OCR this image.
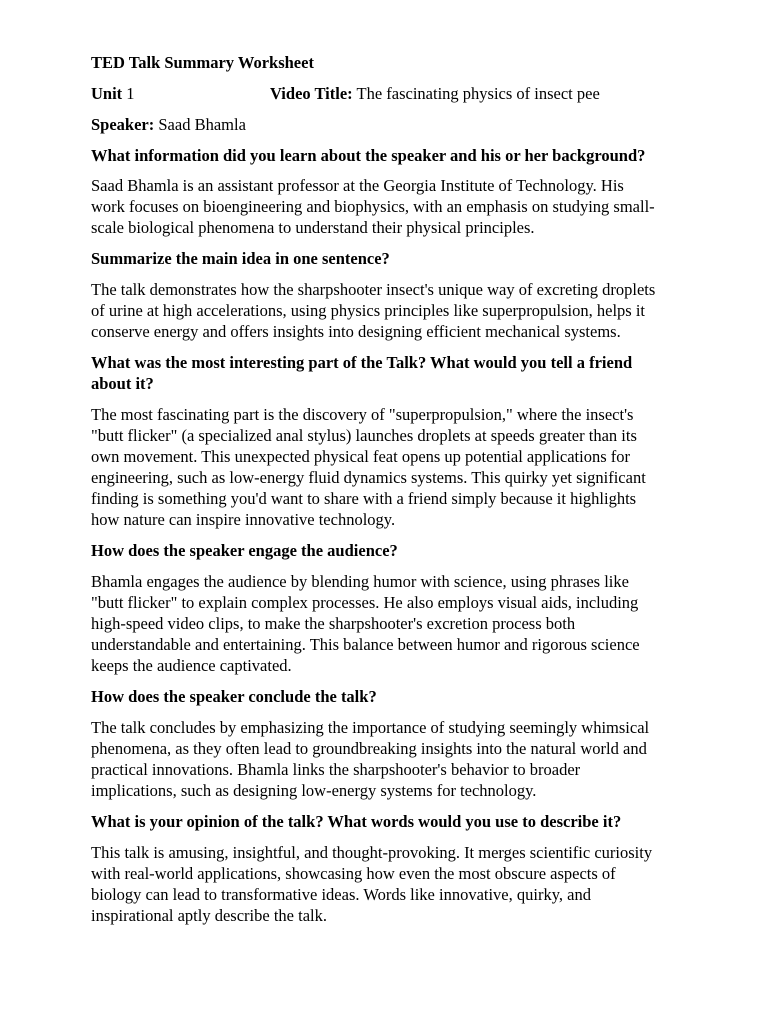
TED Talk Summary Worksheet
Unit 1	Video Title: The fascinating physics of insect pee
Speaker: Saad Bhamla
What information did you learn about the speaker and his or her background?
Saad Bhamla is an assistant professor at the Georgia Institute of Technology. His
work focuses on bioengineering and biophysics, with an emphasis on studying small-
scale biological phenomena to understand their physical principles.
Summarize the main idea in one sentence?
The talk demonstrates how the sharpshooter insect's unique way of excreting droplets
of urine at high accelerations, using physics principles like superpropulsion, helps it
conserve energy and offers insights into designing efficient mechanical systems.
What was the most interesting part of the Talk? What would you tell a friend
about it?
The most fascinating part is the discovery of "superpropulsion," where the insect's
"butt flicker" (a specialized anal stylus) launches droplets at speeds greater than its
own movement. This unexpected physical feat opens up potential applications for
engineering, such as low-energy fluid dynamics systems. This quirky yet significant
finding is something you'd want to share with a friend simply because it highlights
how nature can inspire innovative technology.
How does the speaker engage the audience?
Bhamla engages the audience by blending humor with science, using phrases like
"butt flicker" to explain complex processes. He also employs visual aids, including
high-speed video clips, to make the sharpshooter's excretion process both
understandable and entertaining. This balance between humor and rigorous science
keeps the audience captivated.
How does the speaker conclude the talk?
The talk concludes by emphasizing the importance of studying seemingly whimsical
phenomena, as they often lead to groundbreaking insights into the natural world and
practical innovations. Bhamla links the sharpshooter's behavior to broader
implications, such as designing low-energy systems for technology.
What is your opinion of the talk? What words would you use to describe it?
This talk is amusing, insightful, and thought-provoking. It merges scientific curiosity
with real-world applications, showcasing how even the most obscure aspects of
biology can lead to transformative ideas. Words like innovative, quirky, and
inspirational aptly describe the talk.
